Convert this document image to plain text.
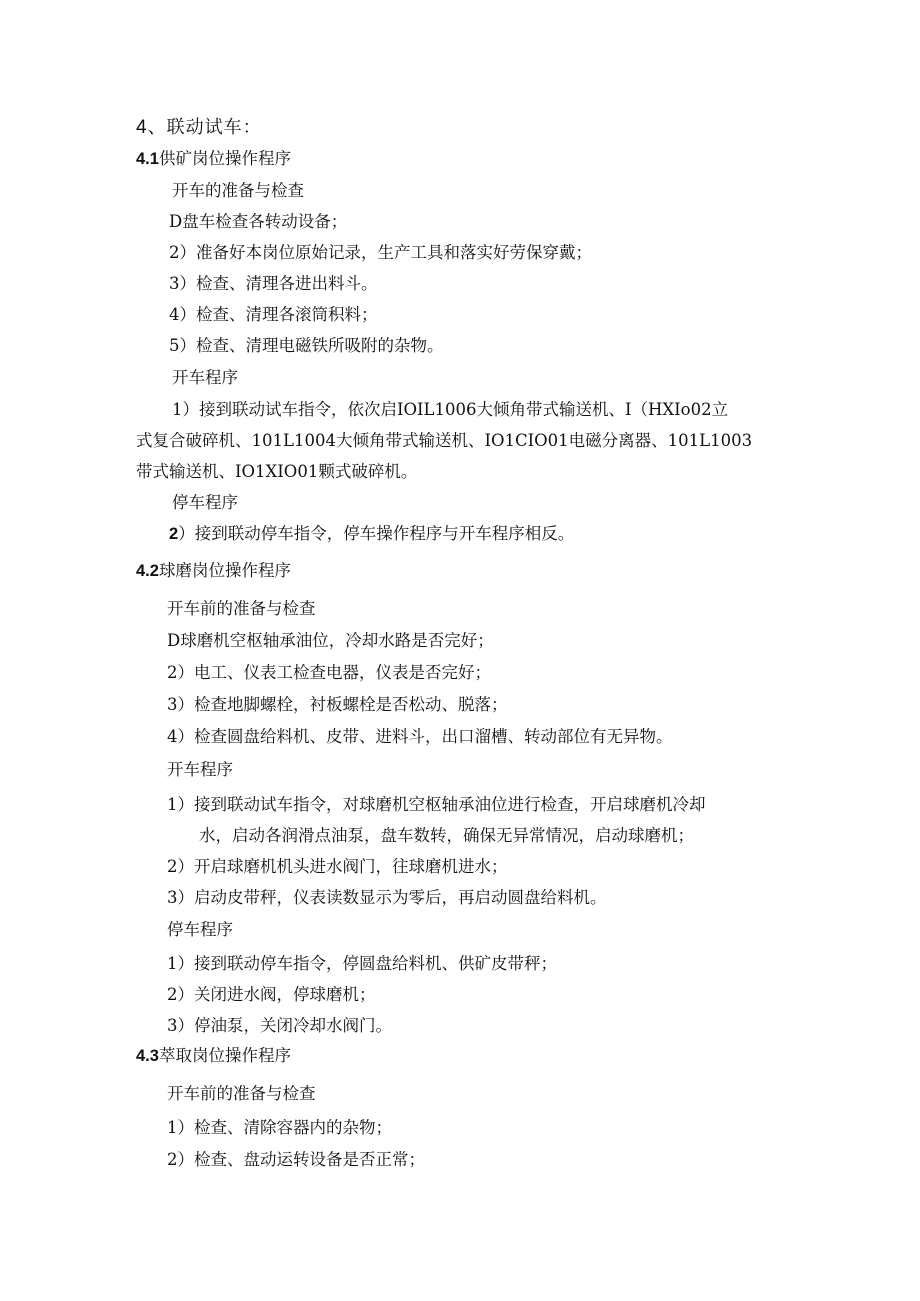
4、联动试车：
4.1供矿岗位操作程序
开车的准备与检查
D盘车检查各转动设备；
2）准备好本岗位原始记录，生产工具和落实好劳保穿戴；
3）检查、清理各进出料斗。
4）检查、清理各滚筒积料；
5）检查、清理电磁铁所吸附的杂物。
开车程序
1）接到联动试车指令，依次启IOIL1006大倾角带式输送机、I（HXIo02立
式复合破碎机、101L1004大倾角带式输送机、IO1CIO01电磁分离器、101L1003
带式输送机、IO1XIO01颗式破碎机。
停车程序
2）接到联动停车指令，停车操作程序与开车程序相反。
4.2球磨岗位操作程序
开车前的准备与检查
D球磨机空枢轴承油位，冷却水路是否完好；
2）电工、仪表工检查电器，仪表是否完好；
3）检查地脚螺栓，衬板螺栓是否松动、脱落；
4）检查圆盘给料机、皮带、进料斗，出口溜槽、转动部位有无异物。
开车程序
1）接到联动试车指令，对球磨机空枢轴承油位进行检查，开启球磨机冷却
水，启动各润滑点油泵，盘车数转，确保无异常情况，启动球磨机；
2）开启球磨机机头进水阀门，往球磨机进水；
3）启动皮带秤，仪表读数显示为零后，再启动圆盘给料机。
停车程序
1）接到联动停车指令，停圆盘给料机、供矿皮带秤；
2）关闭进水阀，停球磨机；
3）停油泵，关闭冷却水阀门。
4.3萃取岗位操作程序
开车前的准备与检查
1）检查、清除容器内的杂物；
2）检查、盘动运转设备是否正常；
